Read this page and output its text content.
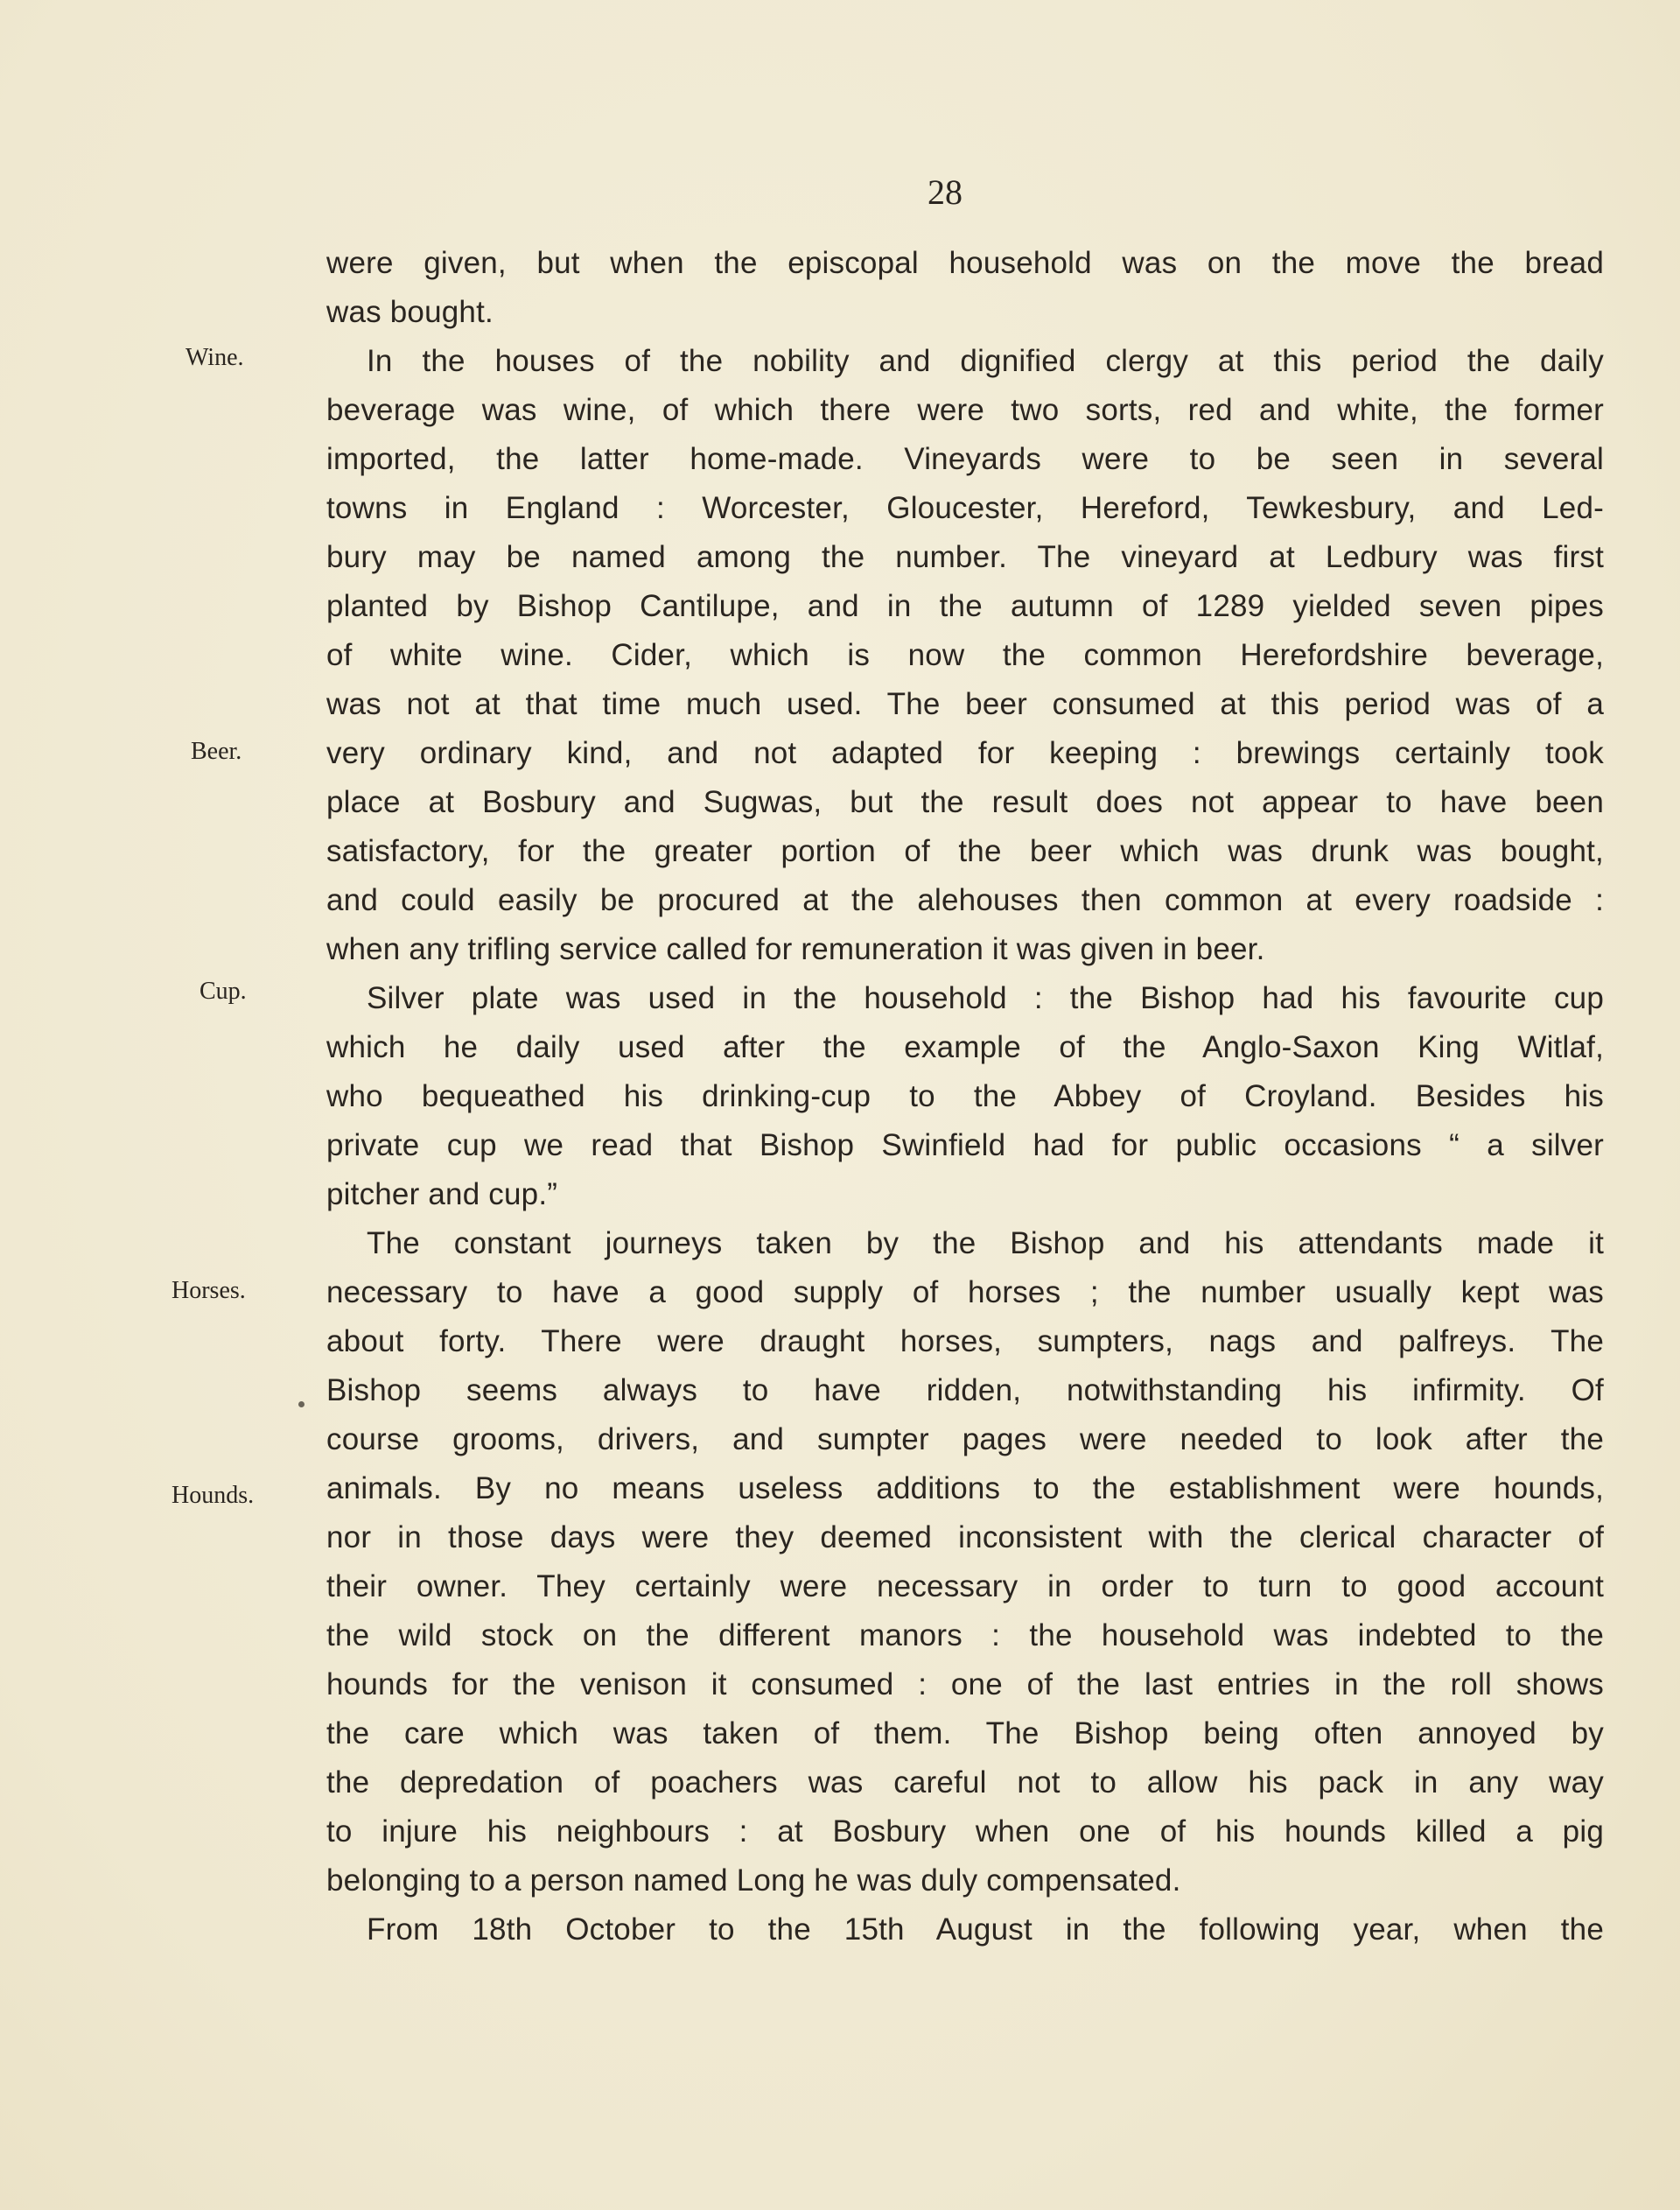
28
Wine.
Beer.
Cup.
Horses.
Hounds.
were given, but when the episcopal household was on the move the bread
was bought.
In the houses of the nobility and dignified clergy at this period the daily
beverage was wine, of which there were two sorts, red and white, the former
imported, the latter home-made. Vineyards were to be seen in several
towns in England : Worcester, Gloucester, Hereford, Tewkesbury, and Led-
bury may be named among the number. The vineyard at Ledbury was first
planted by Bishop Cantilupe, and in the autumn of 1289 yielded seven pipes
of white wine. Cider, which is now the common Herefordshire beverage,
was not at that time much used. The beer consumed at this period was of a
very ordinary kind, and not adapted for keeping : brewings certainly took
place at Bosbury and Sugwas, but the result does not appear to have been
satisfactory, for the greater portion of the beer which was drunk was bought,
and could easily be procured at the alehouses then common at every roadside :
when any trifling service called for remuneration it was given in beer.
Silver plate was used in the household : the Bishop had his favourite cup
which he daily used after the example of the Anglo-Saxon King Witlaf,
who bequeathed his drinking-cup to the Abbey of Croyland. Besides his
private cup we read that Bishop Swinfield had for public occasions “ a silver
pitcher and cup.”
The constant journeys taken by the Bishop and his attendants made it
necessary to have a good supply of horses ; the number usually kept was
about forty. There were draught horses, sumpters, nags and palfreys. The
Bishop seems always to have ridden, notwithstanding his infirmity. Of
course grooms, drivers, and sumpter pages were needed to look after the
animals. By no means useless additions to the establishment were hounds,
nor in those days were they deemed inconsistent with the clerical character of
their owner. They certainly were necessary in order to turn to good account
the wild stock on the different manors : the household was indebted to the
hounds for the venison it consumed : one of the last entries in the roll shows
the care which was taken of them. The Bishop being often annoyed by
the depredation of poachers was careful not to allow his pack in any way
to injure his neighbours : at Bosbury when one of his hounds killed a pig
belonging to a person named Long he was duly compensated.
From 18th October to the 15th August in the following year, when the
